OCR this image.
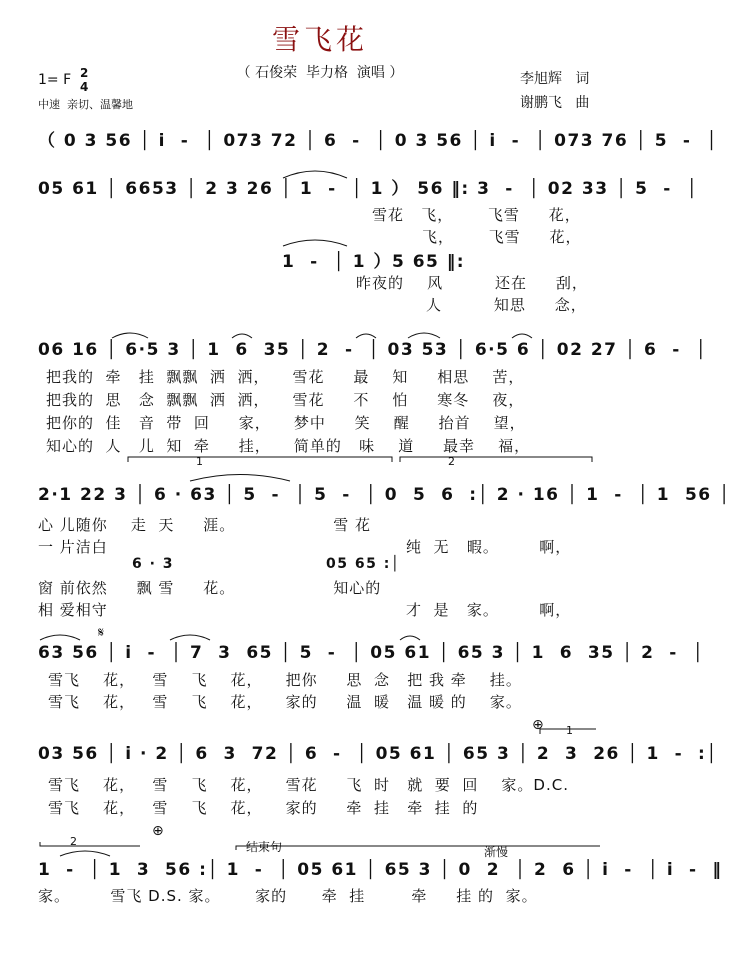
雪飞花
（ 石俊荣  毕力格  演唱 ）
1= F 2
4
中速  亲切、温馨地
李旭辉   词
谢鹏飞   曲
（ 0 3 56 │ i  -  │ 073 72 │ 6  -  │ 0 3 56 │ i  -  │ 073 76 │ 5  -  │
05 61 │ 6653 │ 2 3 26 │ 1  -  │ 1 ） 56 ‖: 3  -  │ 02 33 │ 5  -  │
雪花   飞，      飞雪     花，
飞，      飞雪     花，
1  -  │ 1 ）5 65 ‖:
昨夜的    风         还在     刮，
人         知思     念，
06 16 │ 6·5 3 │ 1  6  35 │ 2  -  │ 03 53 │ 6·5 6 │ 02 27 │ 6  -  │
把我的  牵   挂  飘飘  洒  洒，    雪花     最    知     相思    苦，
把我的  思   念  飘飘  洒  洒，    雪花     不    怕     寒冬    夜，
把你的  佳   音  带  回     家，    梦中     笑    醒     抬首    望，
知心的  人   儿  知  牵     挂，    简单的   味    道     最幸    福，
1	2
2·1 22 3 │ 6 · 63 │ 5  -  │ 5  -  │ 0  5  6  :│ 2 · 16 │ 1  -  │ 1  56 │
心 儿随你    走  天     涯。                 雪 花
一 片洁白	纯  无   暇。       啊，
6 · 3	05 65 :│
窗 前依然     飘 雪     花。                 知心的
相 爱相守	才  是   家。       啊，
𝄋
63 56 │ i  -  │ 7  3  65 │ 5  -  │ 05 61 │ 65 3 │ 1  6  35 │ 2  -  │
雪飞    花，   雪    飞    花，    把你     思  念   把 我 牵    挂。
雪飞    花，   雪    飞    花，    家的     温  暖   温 暖 的    家。
⊕ 1
03 56 │ i · 2 │ 6  3  72 │ 6  -  │ 05 61 │ 65 3 │ 2  3  26 │ 1  -  :│
雪飞    花，   雪    飞    花，    雪花     飞  时   就  要  回    家。D.C.
雪飞    花，   雪    飞    花，    家的     牵  挂   牵  挂  的
2
⊕
结束句	渐慢
1  -  │ 1  3  56 :│ 1  -  │ 05 61 │ 65 3 │ 0  2  │ 2  6 │ i  -  │ i  -  ‖
家。       雪飞 D.S. 家。      家的      牵  挂        牵     挂 的  家。
